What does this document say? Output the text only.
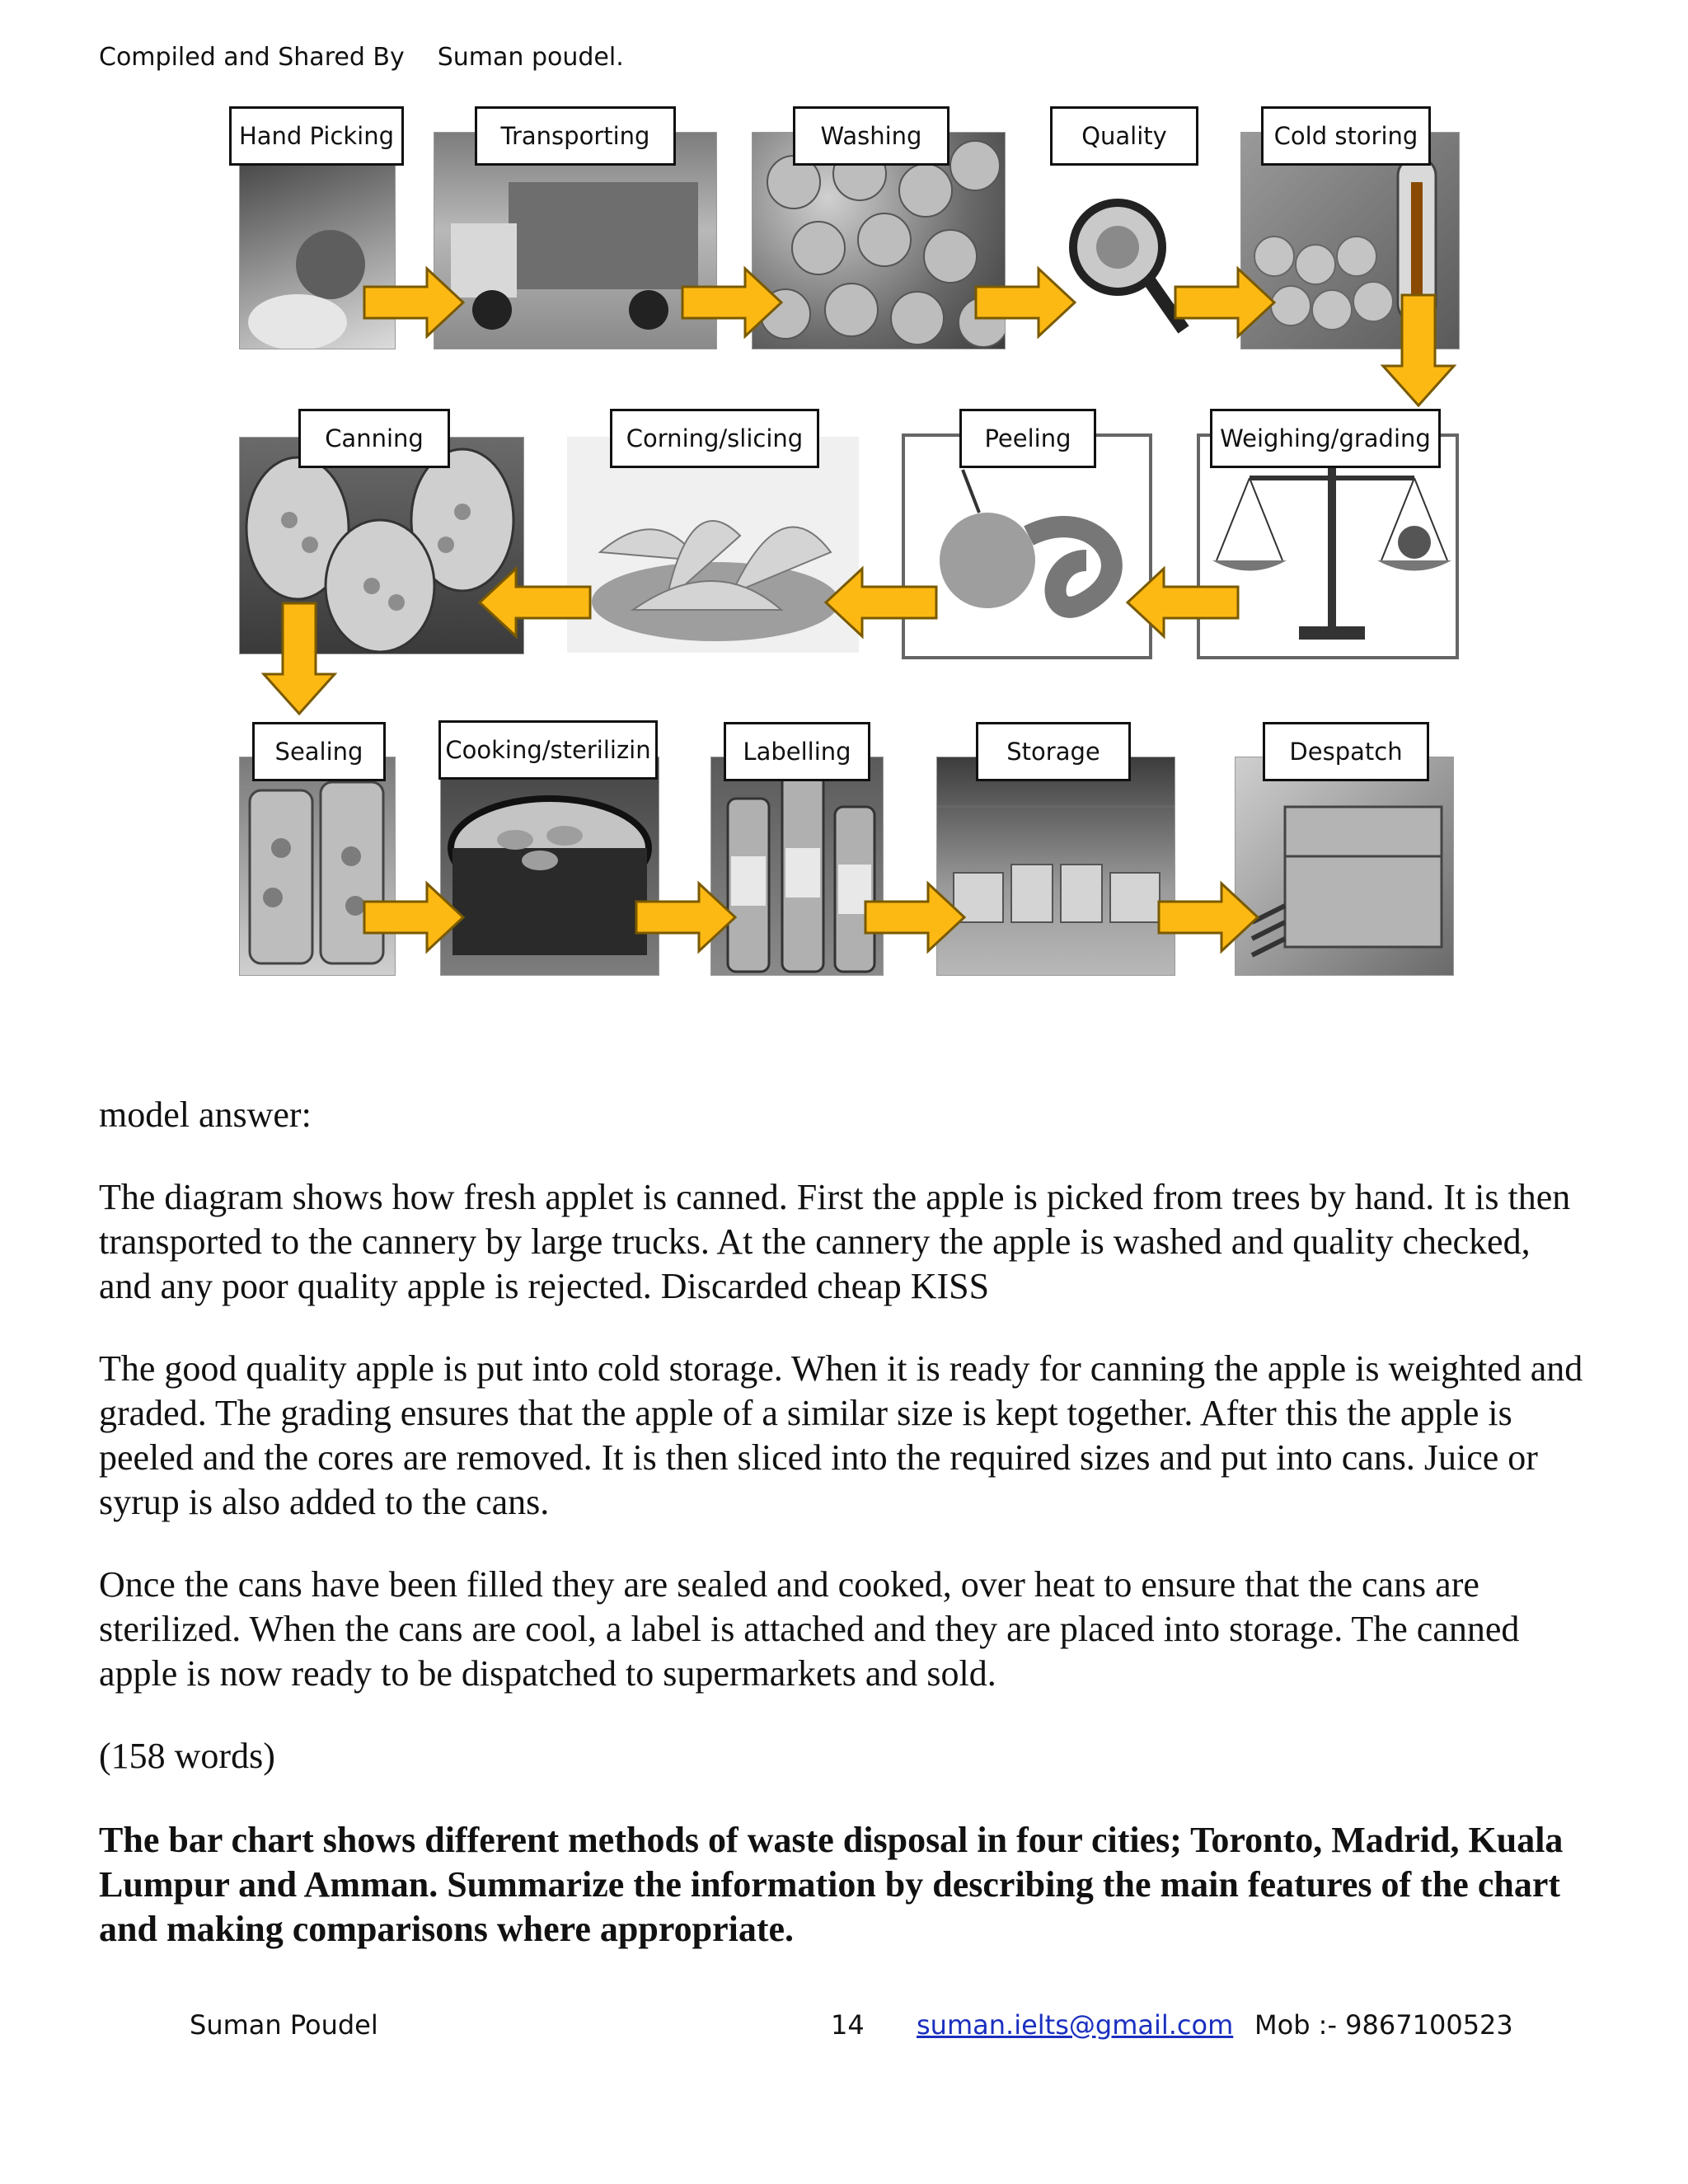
Compiled and Shared By Suman poudel.
Hand Picking	Transporting	Washing	Quality	Cold storing
Weighing/grading
Peeling
Corning/slicing
Canning
Sealing	Cooking/sterilizin	Labelling	Storage	Despatch
model answer:

The diagram shows how fresh applet is canned. First the apple is picked from trees by hand. It is then transported to the cannery by large trucks. At the cannery the apple is washed and quality checked, and any poor quality apple is rejected. Discarded cheap KISS

The good quality apple is put into cold storage. When it is ready for canning the apple is weighted and graded. The grading ensures that the apple of a similar size is kept together. After this the apple is peeled and the cores are removed. It is then sliced into the required sizes and put into cans. Juice or syrup is also added to the cans.

Once the cans have been filled they are sealed and cooked, over heat to ensure that the cans are sterilized. When the cans are cool, a label is attached and they are placed into storage. The canned apple is now ready to be dispatched to supermarkets and sold.

(158 words)
The bar chart shows different methods of waste disposal in four cities; Toronto, Madrid, Kuala Lumpur and Amman. Summarize the information by describing the main features of the chart and making comparisons where appropriate.
Suman Poudel	14 suman.ielts@gmail.com Mob :- 9867100523
